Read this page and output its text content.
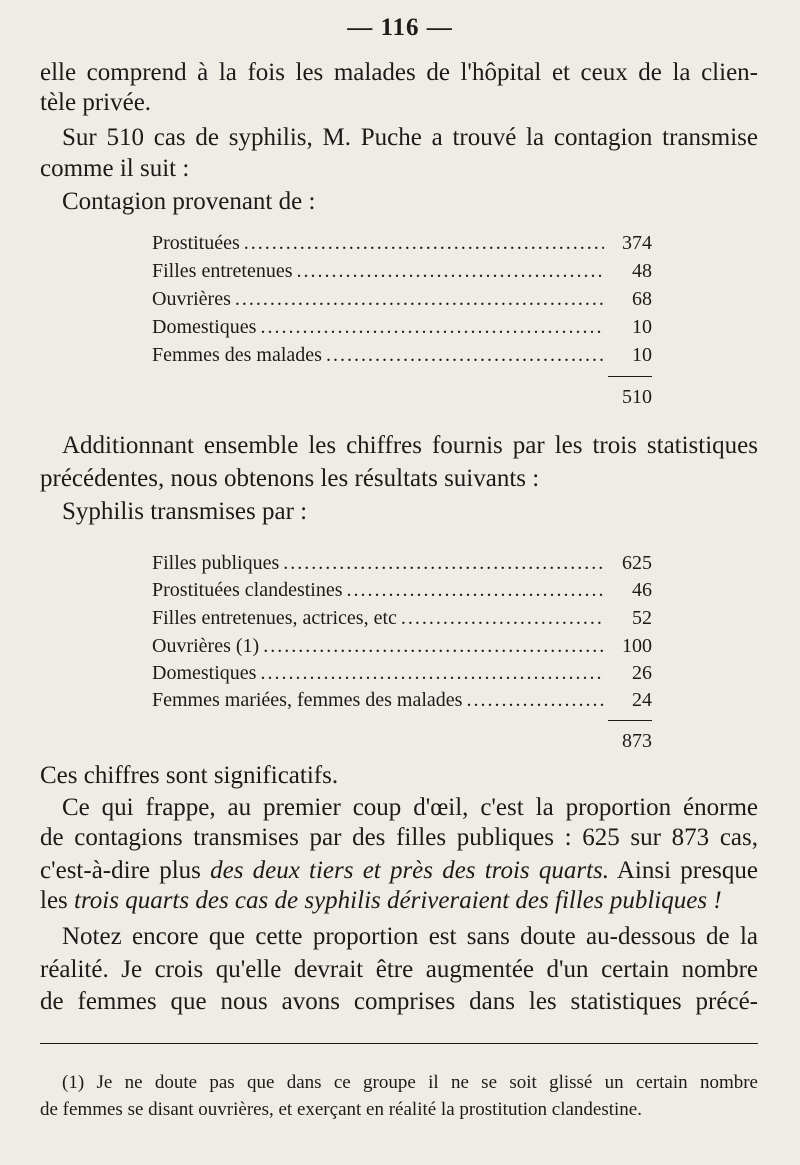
— 116 —
elle comprend à la fois les malades de l'hôpital et ceux de la clien-
tèle privée.
Sur 510 cas de syphilis, M. Puche a trouvé la contagion transmise
comme il suit :
Contagion provenant de :
Prostituées .....	374
Filles entretenues .....	48
Ouvrières .....	68
Domestiques .....	10
Femmes des malades .....	10
510
Additionnant ensemble les chiffres fournis par les trois statistiques
précédentes, nous obtenons les résultats suivants :
Syphilis transmises par :
Filles publiques .....	625
Prostituées clandestines .....	46
Filles entretenues, actrices, etc .....	52
Ouvrières (1) .....	100
Domestiques .....	26
Femmes mariées, femmes des malades .....	24
873
Ces chiffres sont significatifs.
Ce qui frappe, au premier coup d'œil, c'est la proportion énorme
de contagions transmises par des filles publiques : 625 sur 873 cas,
c'est-à-dire plus des deux tiers et près des trois quarts. Ainsi presque
les trois quarts des cas de syphilis dériveraient des filles publiques !
Notez encore que cette proportion est sans doute au-dessous de la
réalité. Je crois qu'elle devrait être augmentée d'un certain nombre
de femmes que nous avons comprises dans les statistiques précé-
(1) Je ne doute pas que dans ce groupe il ne se soit glissé un certain nombre
de femmes se disant ouvrières, et exerçant en réalité la prostitution clandestine.
